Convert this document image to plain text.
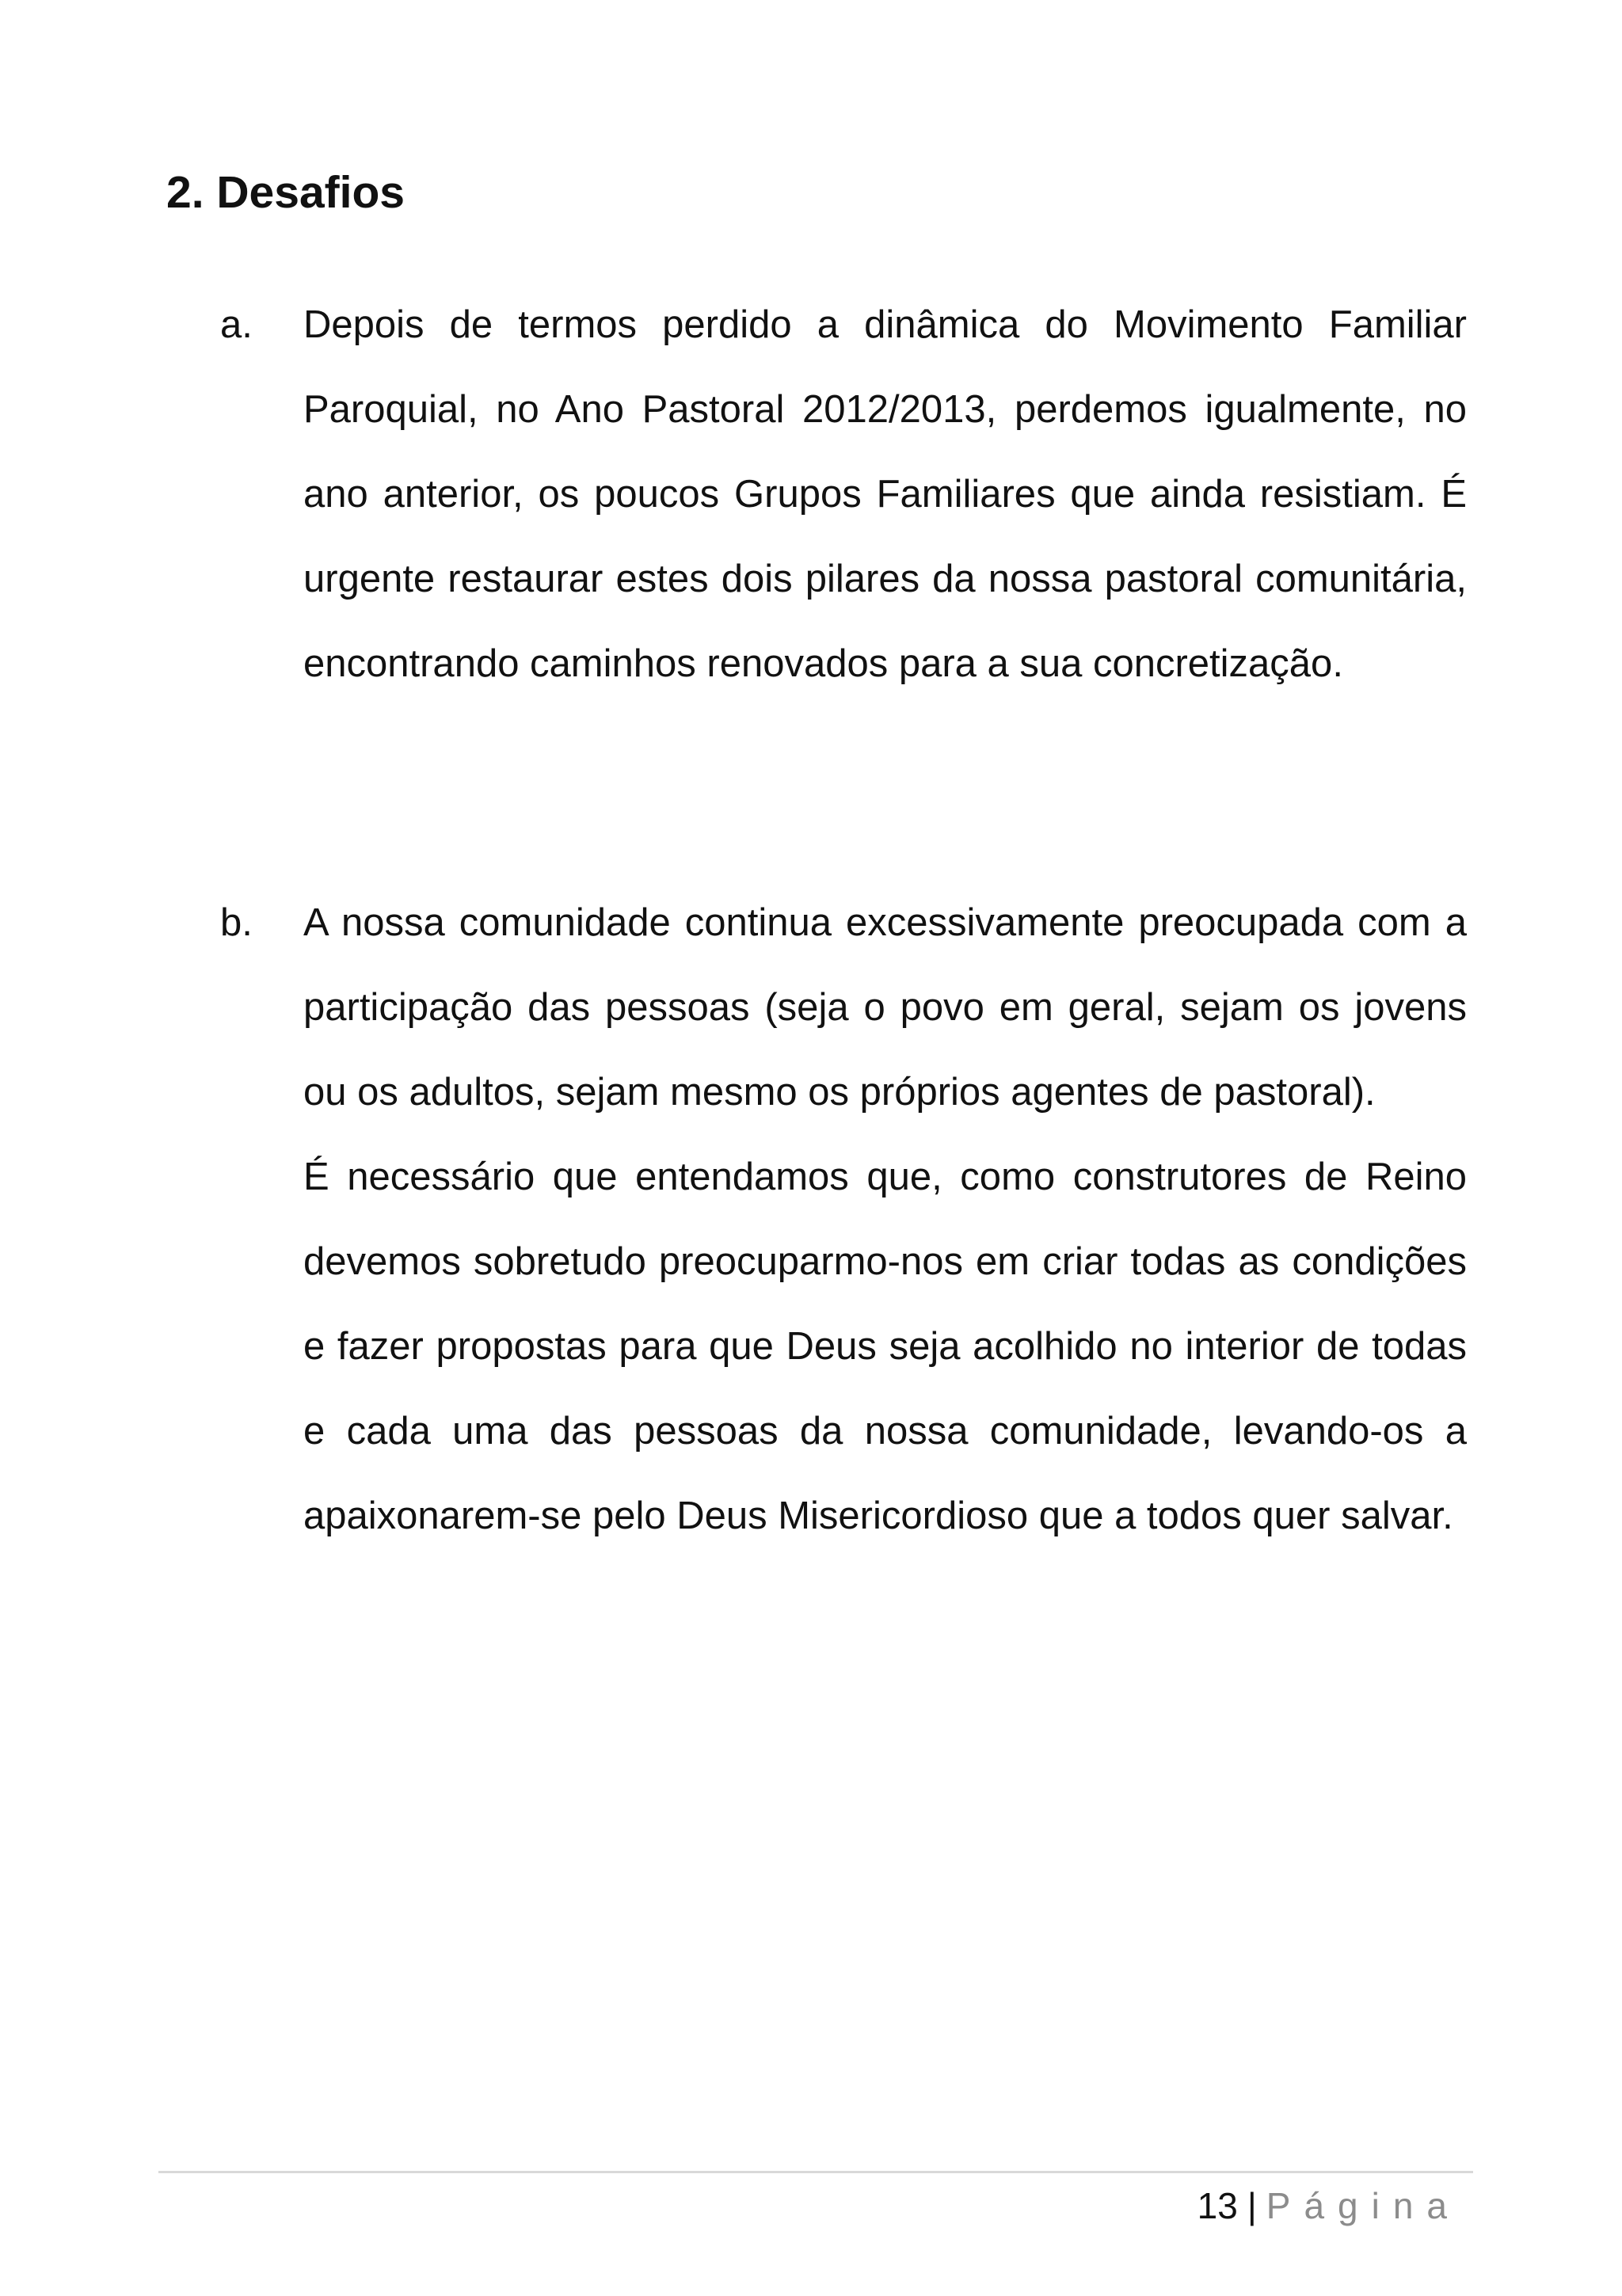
2. Desafios
a. Depois de termos perdido a dinâmica do Movimento Familiar Paroquial, no Ano Pastoral 2012/2013, perdemos igualmente, no ano anterior, os poucos Grupos Familiares que ainda resistiam. É urgente restaurar estes dois pilares da nossa pastoral comunitária, encontrando caminhos renovados para a sua concretização.

b. A nossa comunidade continua excessivamente preocupada com a participação das pessoas (seja o povo em geral, sejam os jovens ou os adultos, sejam mesmo os próprios agentes de pastoral).

É necessário que entendamos que, como construtores de Reino devemos sobretudo preocuparmo-nos em criar todas as condições e fazer propostas para que Deus seja acolhido no interior de todas e cada uma das pessoas da nossa comunidade, levando-os a apaixonarem-se pelo Deus Misericordioso que a todos quer salvar.

13 | Página
